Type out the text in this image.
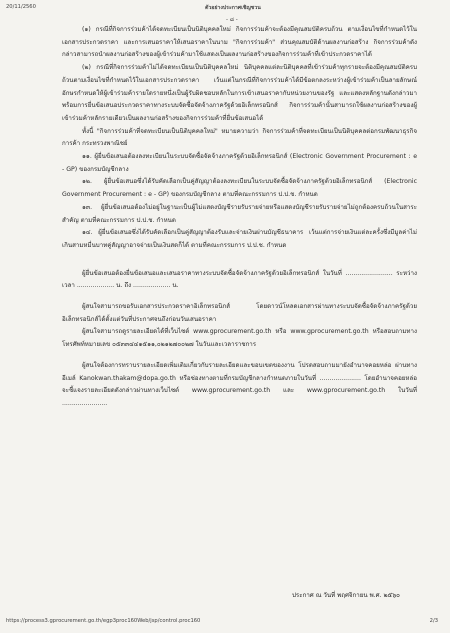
20/11/2560	ตัวอย่างประกาศเชิญชวน
- ๘ -

(๑) กรณีที่กิจการร่วมค้าได้จดทะเบียนเป็นนิติบุคคลใหม่ กิจการร่วมค้าจะต้องมีคุณสมบัติครบถ้วน ตามเงื่อนไขที่กำหนดไว้ในเอกสารประกวดราคา และการเสนอราคาให้เสนอราคาในนาม "กิจการร่วมค้า" ส่วนคุณสมบัติด้านผลงานก่อสร้าง กิจการร่วมค้าดังกล่าวสามารถนำผลงานก่อสร้างของผู้เข้าร่วมค้ามาใช้แสดงเป็นผลงานก่อสร้างของกิจการร่วมค้าที่เข้าประกวดราคาได้

(๒) กรณีที่กิจการร่วมค้าไม่ได้จดทะเบียนเป็นนิติบุคคลใหม่ นิติบุคคลแต่ละนิติบุคคลที่เข้าร่วมค้าทุกรายจะต้องมีคุณสมบัติครบถ้วนตามเงื่อนไขที่กำหนดไว้ในเอกสารประกวดราคา เว้นแต่ในกรณีที่กิจการร่วมค้าได้มีข้อตกลงระหว่างผู้เข้าร่วมค้าเป็นลายลักษณ์อักษรกำหนดให้ผู้เข้าร่วมค้ารายใดรายหนึ่งเป็นผู้รับผิดชอบหลักในการเข้าเสนอราคากับหน่วยงานของรัฐ และแสดงหลักฐานดังกล่าวมาพร้อมการยื่นข้อเสนอประกวดราคาทางระบบจัดซื้อจัดจ้างภาครัฐด้วยอิเล็กทรอนิกส์ กิจการร่วมค้านั้นสามารถใช้ผลงานก่อสร้างของผู้เข้าร่วมค้าหลักรายเดียวเป็นผลงานก่อสร้างของกิจการร่วมค้าที่ยื่นข้อเสนอได้

ทั้งนี้ "กิจการร่วมค้าที่จดทะเบียนเป็นนิติบุคคลใหม่" หมายความว่า กิจการร่วมค้าที่จดทะเบียนเป็นนิติบุคคลต่อกรมพัฒนาธุรกิจการค้า กระทรวงพาณิชย์

๑๑. ผู้ยื่นข้อเสนอต้องลงทะเบียนในระบบจัดซื้อจัดจ้างภาครัฐด้วยอิเล็กทรอนิกส์ (Electronic Government Procurement : e - GP) ของกรมบัญชีกลาง

๑๒. ผู้ยื่นข้อเสนอซึ่งได้รับคัดเลือกเป็นคู่สัญญาต้องลงทะเบียนในระบบจัดซื้อจัดจ้างภาครัฐด้วยอิเล็กทรอนิกส์ (Electronic Government Procurement : e - GP) ของกรมบัญชีกลาง ตามที่คณะกรรมการ ป.ป.ช. กำหนด

๑๓. ผู้ยื่นข้อเสนอต้องไม่อยู่ในฐานะเป็นผู้ไม่แสดงบัญชีรายรับรายจ่ายหรือแสดงบัญชีรายรับรายจ่ายไม่ถูกต้องครบถ้วนในสาระสำคัญ ตามที่คณะกรรมการ ป.ป.ช. กำหนด

๑๔. ผู้ยื่นข้อเสนอซึ่งได้รับคัดเลือกเป็นคู่สัญญาต้องรับและจ่ายเงินผ่านบัญชีธนาคาร เว้นแต่การจ่ายเงินแต่ละครั้งซึ่งมีมูลค่าไม่เกินสามหมื่นบาทคู่สัญญาอาจจ่ายเป็นเงินสดก็ได้ ตามที่คณะกรรมการ ป.ป.ช. กำหนด

ผู้ยื่นข้อเสนอต้องยื่นข้อเสนอและเสนอราคาทางระบบจัดซื้อจัดจ้างภาครัฐด้วยอิเล็กทรอนิกส์ ในวันที่ ........................ ระหว่างเวลา ................... น. ถึง ................... น.

ผู้สนใจสามารถขอรับเอกสารประกวดราคาอิเล็กทรอนิกส์ โดยดาวน์โหลดเอกสารผ่านทางระบบจัดซื้อจัดจ้างภาครัฐด้วยอิเล็กทรอนิกส์ได้ตั้งแต่วันที่ประกาศจนถึงก่อนวันเสนอราคา

ผู้สนใจสามารถดูรายละเอียดได้ที่เว็บไซต์ www.gprocurement.go.th หรือ www.gprocurement.go.th หรือสอบถามทางโทรศัพท์หมายเลข ๐๕๓๓๔๔๑๕๑๑,๐๒๑๒๗๐๐๒๗ ในวันและเวลาราชการ

ผู้สนใจต้องการทราบรายละเอียดเพิ่มเติมเกี่ยวกับรายละเอียดและขอบเขตของงาน โปรดสอบถามมายังอำนาจคอยหล่อ ผ่านทางอีเมล์ Kanokwan.thakam@dopa.go.th หรือช่องทางตามที่กรมบัญชีกลางกำหนดภายในวันที่ ..................... โดยอำนาจคอยหล่อจะชี้แจงรายละเอียดดังกล่าวผ่านทางเว็บไซต์ www.gprocurement.go.th และ www.gprocurement.go.th ในวันที่ .......................

ประกาศ ณ วันที่ พฤศจิกายน พ.ศ. ๒๕๖๐
https://process3.gprocurement.go.th/egp3proc160Web/jsp/control.proc160	2/3
